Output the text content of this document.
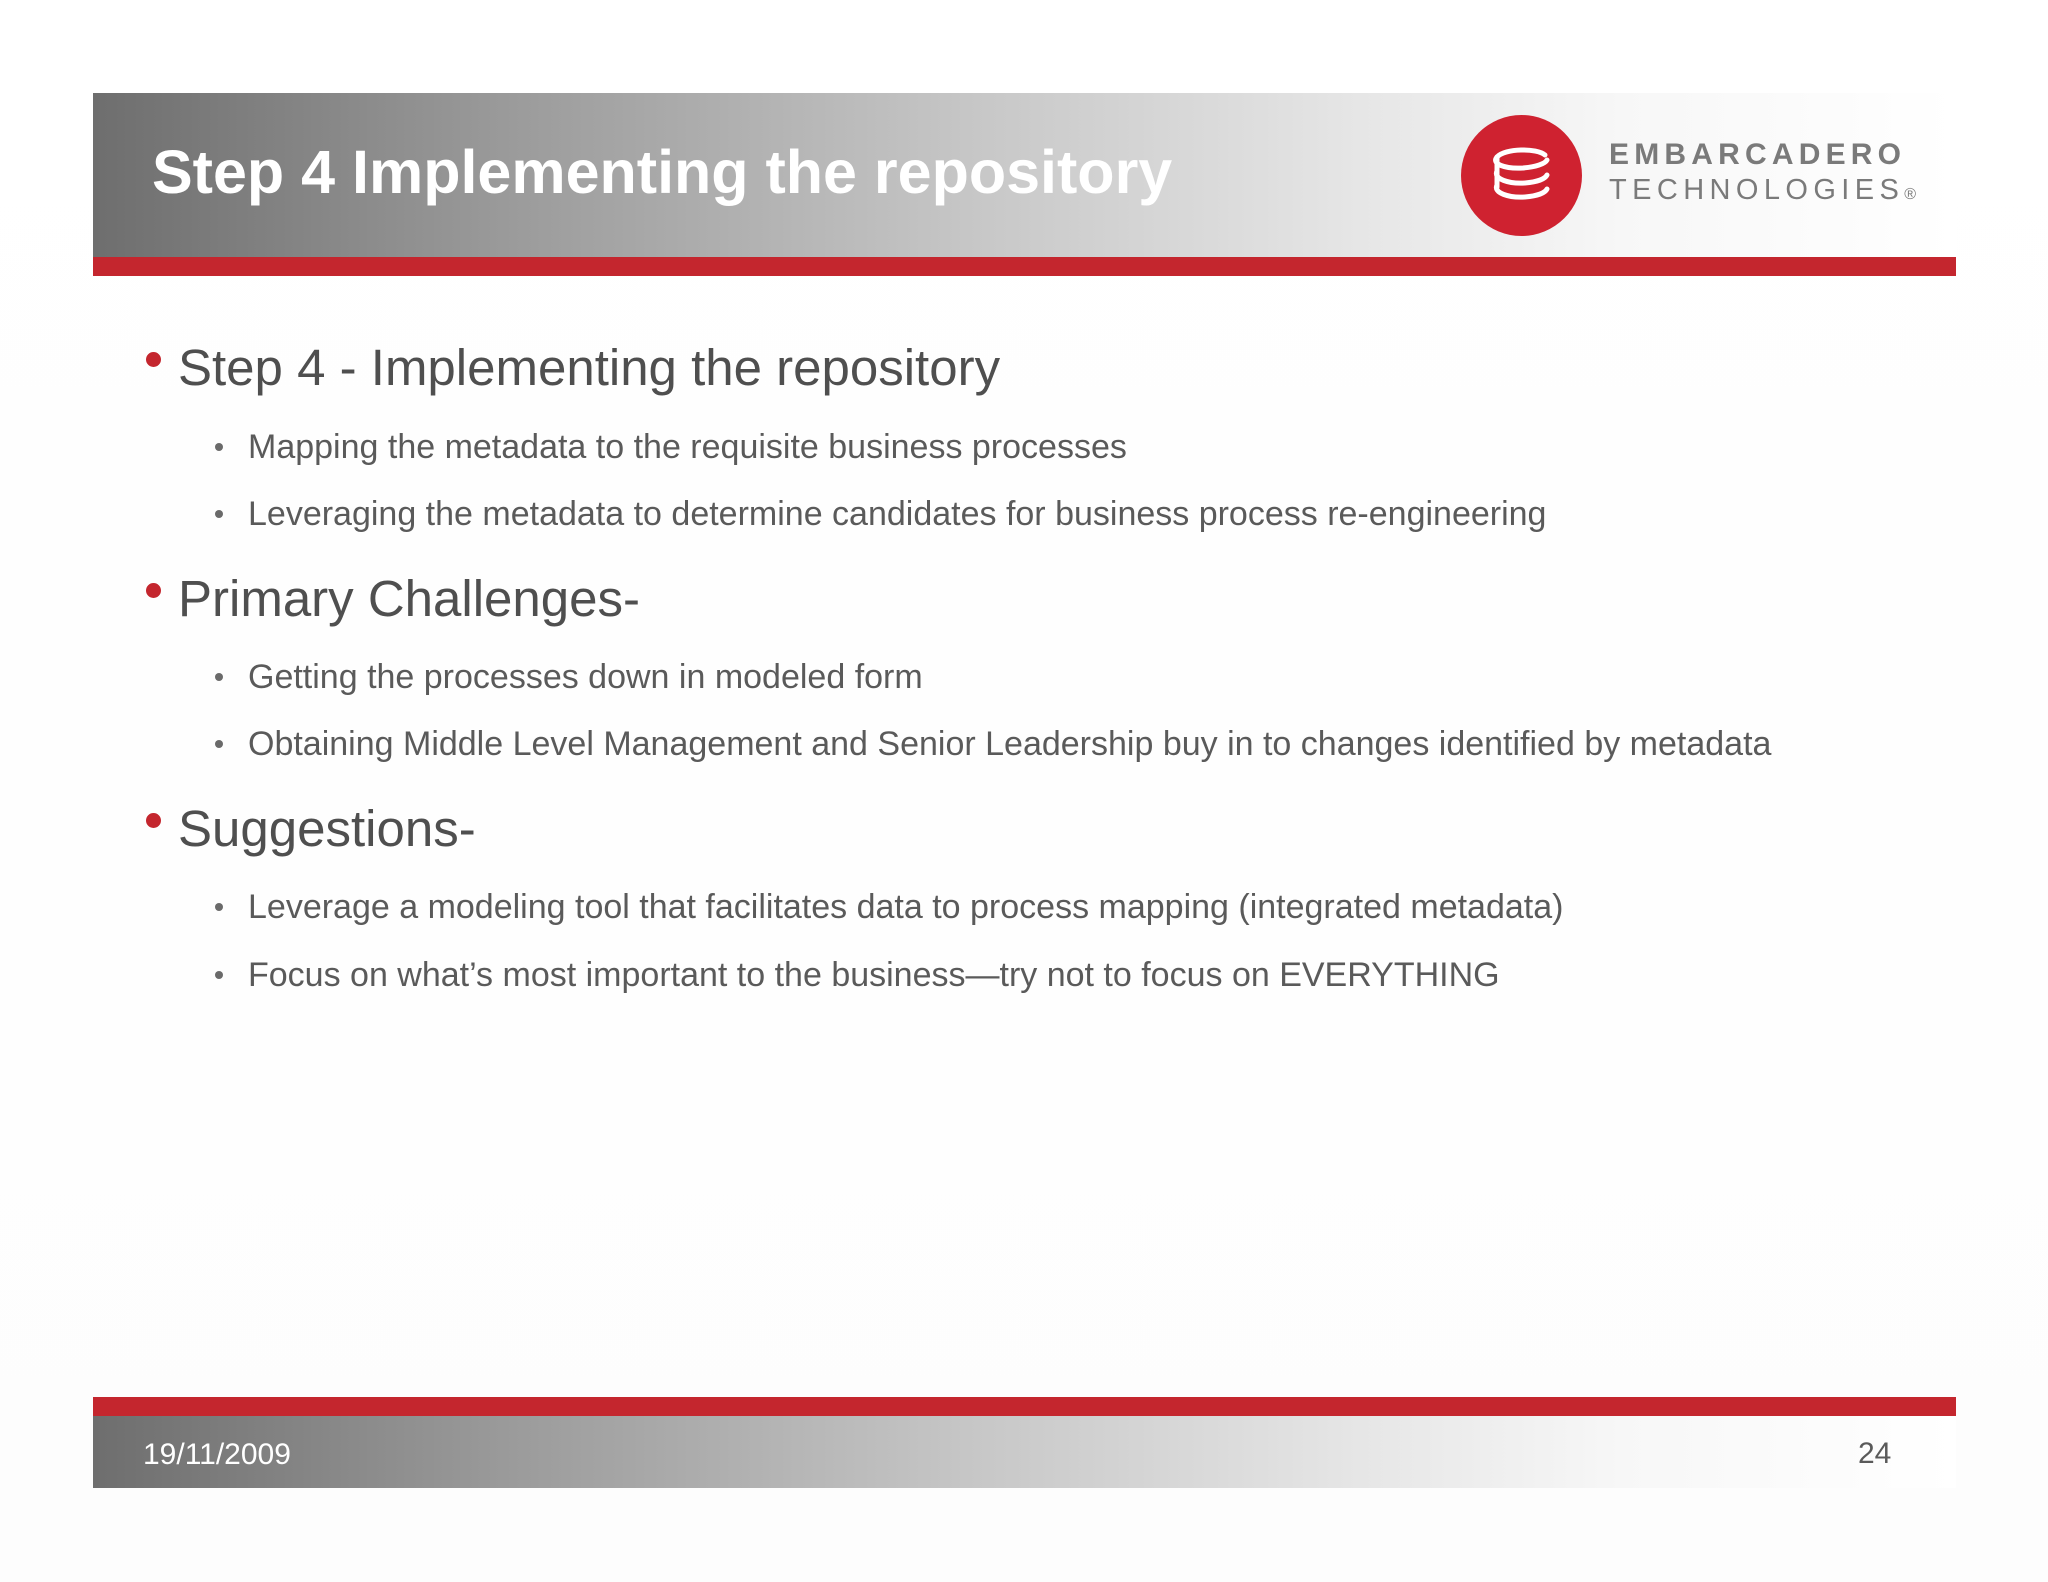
Step 4 Implementing the repository	EMBARCADERO
TECHNOLOGIES®
Step 4 - Implementing the repository
Mapping the metadata to the requisite business processes
Leveraging the metadata to determine candidates for business process re-engineering
Primary Challenges-
Getting the processes down in modeled form
Obtaining Middle Level Management and Senior Leadership buy in to changes identified by metadata
Suggestions-
Leverage a modeling tool that facilitates data to process mapping (integrated metadata)
Focus on what’s most important to the business—try not to focus on EVERYTHING
19/11/2009	24
